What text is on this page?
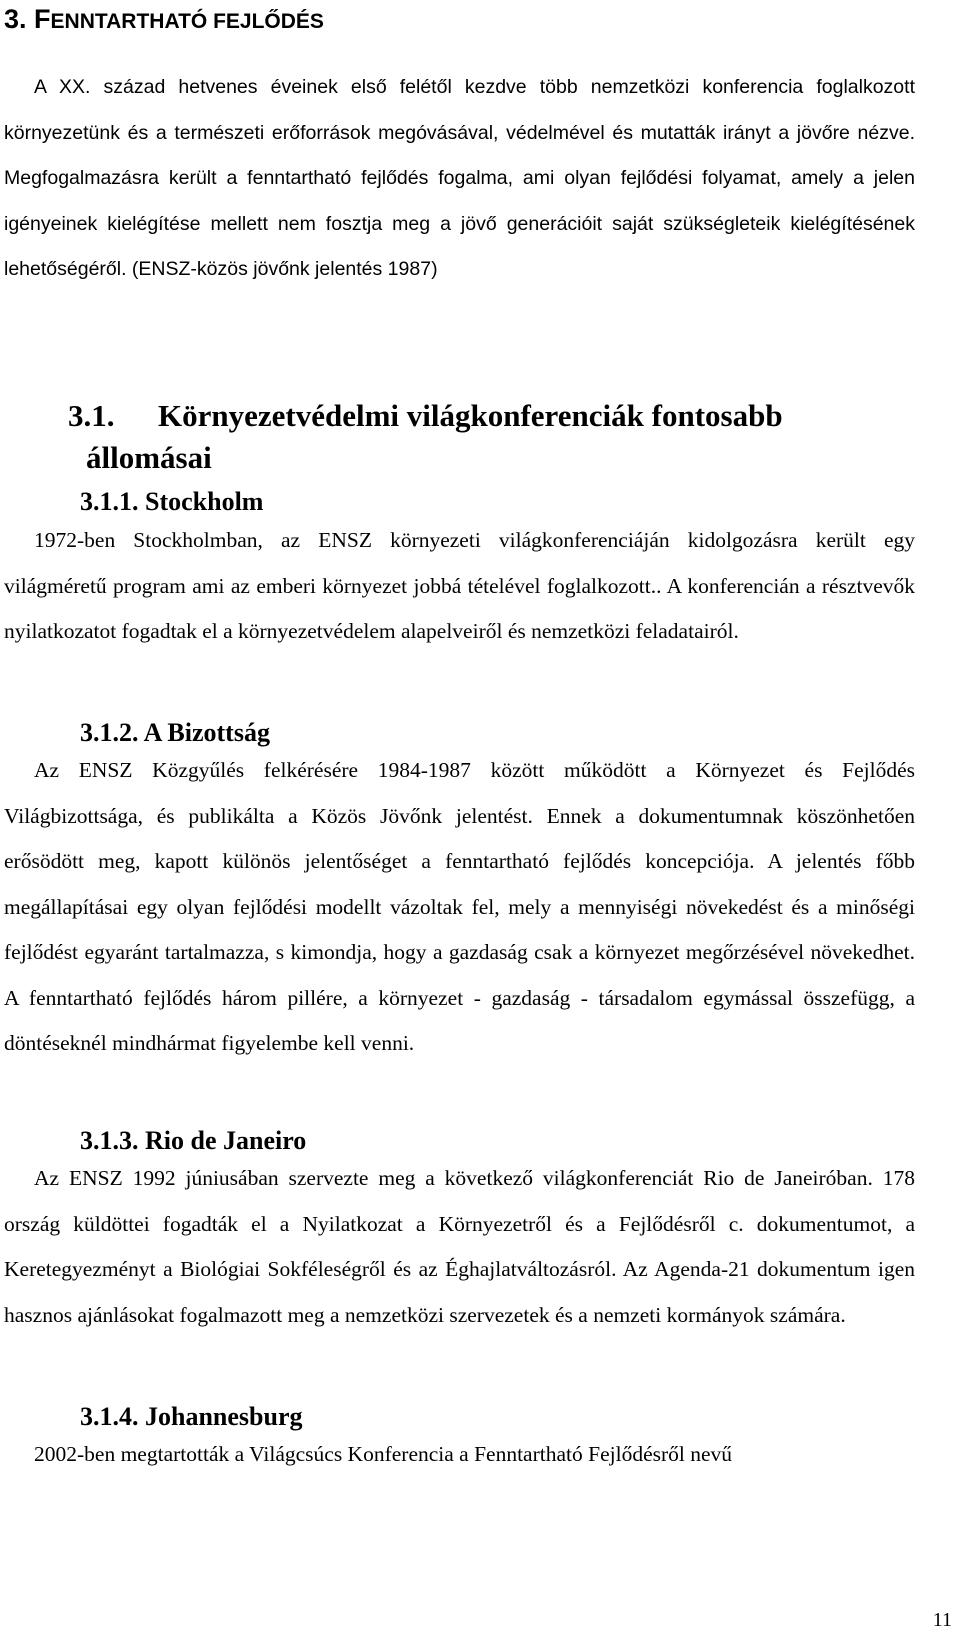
3. FENNTARTHATÓ FEJLŐDÉS

A XX. század hetvenes éveinek első felétől kezdve több nemzetközi konferencia foglalkozott környezetünk és a természeti erőforrások megóvásával, védelmével és mutatták irányt a jövőre nézve. Megfogalmazásra került a fenntartható fejlődés fogalma, ami olyan fejlődési folyamat, amely a jelen igényeinek kielégítése mellett nem fosztja meg a jövő generációit saját szükségleteik kielégítésének lehetőségéről. (ENSZ-közös jövőnk jelentés 1987)

3.1. Környezetvédelmi világkonferenciák fontosabb
állomásai
3.1.1. Stockholm

1972-ben Stockholmban, az ENSZ környezeti világkonferenciáján kidolgozásra került egy világméretű program ami az emberi környezet jobbá tételével foglalkozott.. A konferencián a résztvevők nyilatkozatot fogadtak el a környezetvédelem alapelveiről és nemzetközi feladatairól.

3.1.2. A Bizottság

Az ENSZ Közgyűlés felkérésére 1984-1987 között működött a Környezet és Fejlődés Világbizottsága, és publikálta a Közös Jövőnk jelentést. Ennek a dokumentumnak köszönhetően erősödött meg, kapott különös jelentőséget a fenntartható fejlődés koncepciója. A jelentés főbb megállapításai egy olyan fejlődési modellt vázoltak fel, mely a mennyiségi növekedést és a minőségi fejlődést egyaránt tartalmazza, s kimondja, hogy a gazdaság csak a környezet megőrzésével növekedhet. A fenntartható fejlődés három pillére, a környezet - gazdaság - társadalom egymással összefügg, a döntéseknél mindhármat figyelembe kell venni.

3.1.3. Rio de Janeiro

Az ENSZ 1992 júniusában szervezte meg a következő világkonferenciát Rio de Janeiróban. 178 ország küldöttei fogadták el a Nyilatkozat a Környezetről és a Fejlődésről c. dokumentumot, a Keretegyezményt a Biológiai Sokféleségről és az Éghajlatváltozásról. Az Agenda-21 dokumentum igen hasznos ajánlásokat fogalmazott meg a nemzetközi szervezetek és a nemzeti kormányok számára.

3.1.4. Johannesburg

2002-ben megtartották a Világcsúcs Konferencia a Fenntartható Fejlődésről nevű

11
